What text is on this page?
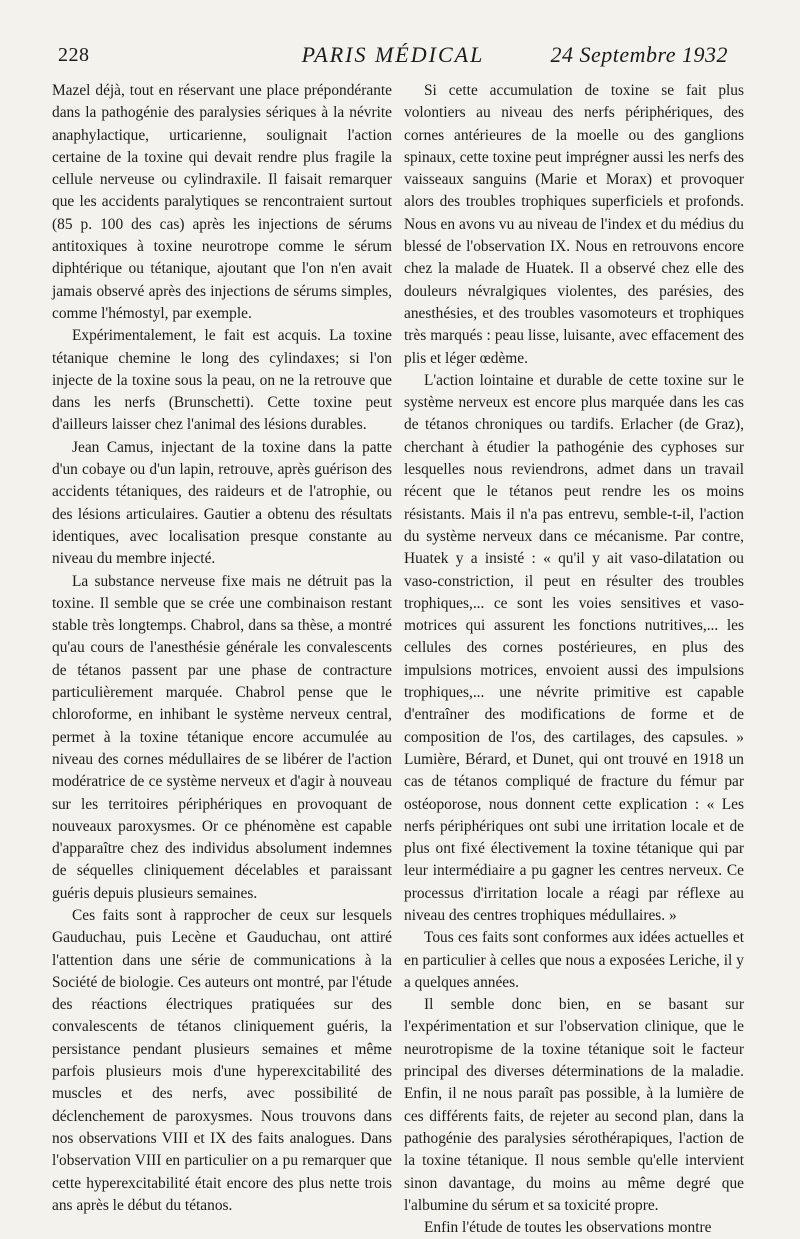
228	PARIS MÉDICAL	24 Septembre 1932

Mazel déjà, tout en réservant une place prépondérante dans la pathogénie des paralysies sériques à la névrite anaphylactique, urticarienne, soulignait l'action certaine de la toxine qui devait rendre plus fragile la cellule nerveuse ou cylindraxile. Il faisait remarquer que les accidents paralytiques se rencontraient surtout (85 p. 100 des cas) après les injections de sérums antitoxiques à toxine neurotrope comme le sérum diphtérique ou tétanique, ajoutant que l'on n'en avait jamais observé après des injections de sérums simples, comme l'hémostyl, par exemple.

Expérimentalement, le fait est acquis. La toxine tétanique chemine le long des cylindaxes; si l'on injecte de la toxine sous la peau, on ne la retrouve que dans les nerfs (Brunschetti). Cette toxine peut d'ailleurs laisser chez l'animal des lésions durables.

Jean Camus, injectant de la toxine dans la patte d'un cobaye ou d'un lapin, retrouve, après guérison des accidents tétaniques, des raideurs et de l'atrophie, ou des lésions articulaires. Gautier a obtenu des résultats identiques, avec localisation presque constante au niveau du membre injecté.

La substance nerveuse fixe mais ne détruit pas la toxine. Il semble que se crée une combinaison restant stable très longtemps. Chabrol, dans sa thèse, a montré qu'au cours de l'anesthésie générale les convalescents de tétanos passent par une phase de contracture particulièrement marquée. Chabrol pense que le chloroforme, en inhibant le système nerveux central, permet à la toxine tétanique encore accumulée au niveau des cornes médullaires de se libérer de l'action modératrice de ce système nerveux et d'agir à nouveau sur les territoires périphériques en provoquant de nouveaux paroxysmes. Or ce phénomène est capable d'apparaître chez des individus absolument indemnes de séquelles cliniquement décelables et paraissant guéris depuis plusieurs semaines.

Ces faits sont à rapprocher de ceux sur lesquels Gauduchau, puis Lecène et Gauduchau, ont attiré l'attention dans une série de communications à la Société de biologie. Ces auteurs ont montré, par l'étude des réactions électriques pratiquées sur des convalescents de tétanos cliniquement guéris, la persistance pendant plusieurs semaines et même parfois plusieurs mois d'une hyperexcitabilité des muscles et des nerfs, avec possibilité de déclenchement de paroxysmes. Nous trouvons dans nos observations VIII et IX des faits analogues. Dans l'observation VIII en particulier on a pu remarquer que cette hyperexcitabilité était encore des plus nette trois ans après le début du tétanos.

Si cette accumulation de toxine se fait plus volontiers au niveau des nerfs périphériques, des cornes antérieures de la moelle ou des ganglions spinaux, cette toxine peut imprégner aussi les nerfs des vaisseaux sanguins (Marie et Morax) et provoquer alors des troubles trophiques superficiels et profonds. Nous en avons vu au niveau de l'index et du médius du blessé de l'observation IX. Nous en retrouvons encore chez la malade de Huatek. Il a observé chez elle des douleurs névralgiques violentes, des parésies, des anesthésies, et des troubles vasomoteurs et trophiques très marqués : peau lisse, luisante, avec effacement des plis et léger œdème.

L'action lointaine et durable de cette toxine sur le système nerveux est encore plus marquée dans les cas de tétanos chroniques ou tardifs. Erlacher (de Graz), cherchant à étudier la pathogénie des cyphoses sur lesquelles nous reviendrons, admet dans un travail récent que le tétanos peut rendre les os moins résistants. Mais il n'a pas entrevu, semble-t-il, l'action du système nerveux dans ce mécanisme. Par contre, Huatek y a insisté : « qu'il y ait vaso-dilatation ou vaso-constriction, il peut en résulter des troubles trophiques,... ce sont les voies sensitives et vaso-motrices qui assurent les fonctions nutritives,... les cellules des cornes postérieures, en plus des impulsions motrices, envoient aussi des impulsions trophiques,... une névrite primitive est capable d'entraîner des modifications de forme et de composition de l'os, des cartilages, des capsules. » Lumière, Bérard, et Dunet, qui ont trouvé en 1918 un cas de tétanos compliqué de fracture du fémur par ostéoporose, nous donnent cette explication : « Les nerfs périphériques ont subi une irritation locale et de plus ont fixé électivement la toxine tétanique qui par leur intermédiaire a pu gagner les centres nerveux. Ce processus d'irritation locale a réagi par réflexe au niveau des centres trophiques médullaires. »

Tous ces faits sont conformes aux idées actuelles et en particulier à celles que nous a exposées Leriche, il y a quelques années.

Il semble donc bien, en se basant sur l'expérimentation et sur l'observation clinique, que le neurotropisme de la toxine tétanique soit le facteur principal des diverses déterminations de la maladie. Enfin, il ne nous paraît pas possible, à la lumière de ces différents faits, de rejeter au second plan, dans la pathogénie des paralysies sérothérapiques, l'action de la toxine tétanique. Il nous semble qu'elle intervient sinon davantage, du moins au même degré que l'albumine du sérum et sa toxicité propre.

Enfin l'étude de toutes les observations montre
